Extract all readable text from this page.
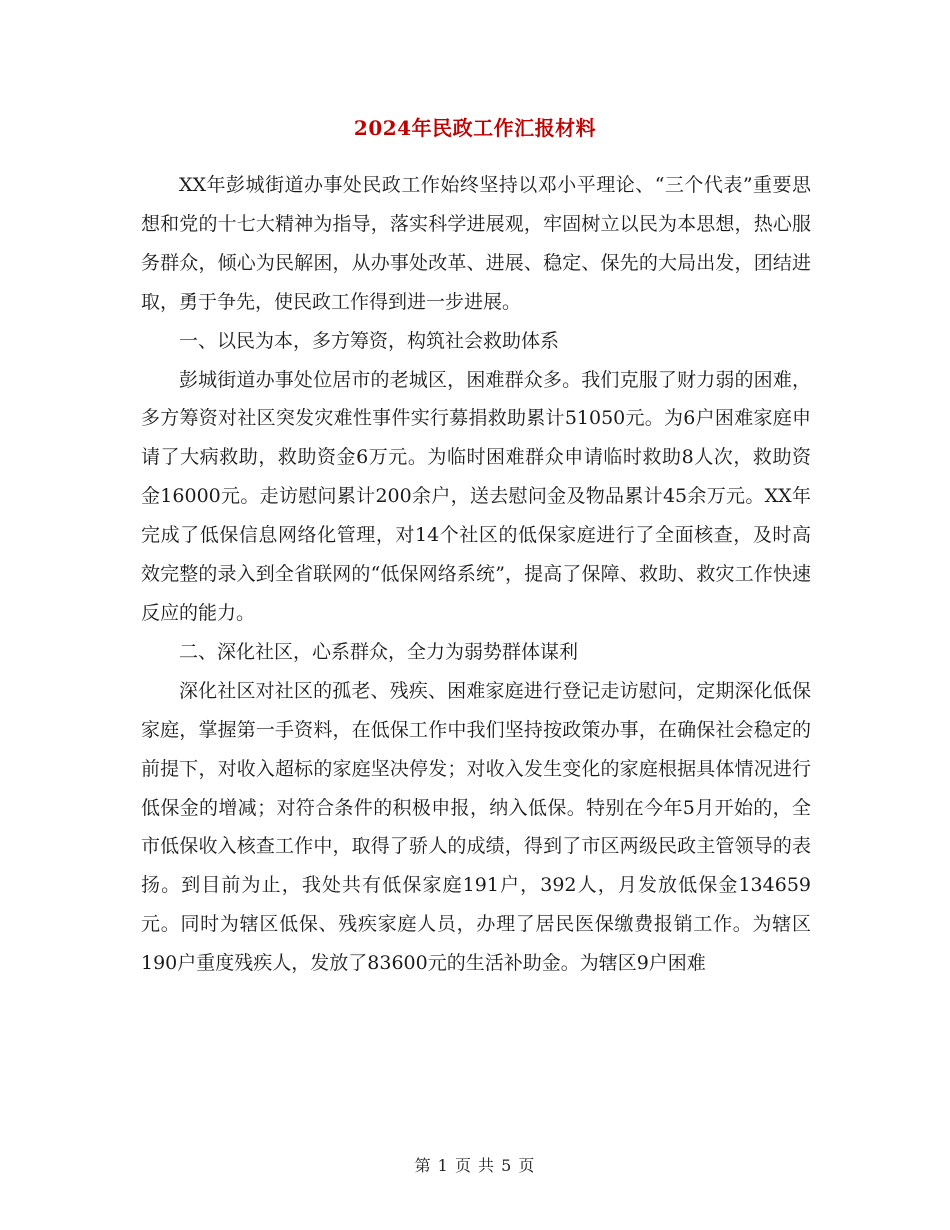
2024年民政工作汇报材料

XX年彭城街道办事处民政工作始终坚持以邓小平理论、“三个代表”重要思想和党的十七大精神为指导，落实科学进展观，牢固树立以民为本思想，热心服务群众，倾心为民解困，从办事处改革、进展、稳定、保先的大局出发，团结进取，勇于争先，使民政工作得到进一步进展。

一、以民为本，多方筹资，构筑社会救助体系

彭城街道办事处位居市的老城区，困难群众多。我们克服了财力弱的困难，多方筹资对社区突发灾难性事件实行募捐救助累计51050元。为6户困难家庭申请了大病救助，救助资金6万元。为临时困难群众申请临时救助8人次，救助资金16000元。走访慰问累计200余户，送去慰问金及物品累计45余万元。XX年完成了低保信息网络化管理，对14个社区的低保家庭进行了全面核查，及时高效完整的录入到全省联网的“低保网络系统”，提高了保障、救助、救灾工作快速反应的能力。

二、深化社区，心系群众，全力为弱势群体谋利

深化社区对社区的孤老、残疾、困难家庭进行登记走访慰问，定期深化低保家庭，掌握第一手资料，在低保工作中我们坚持按政策办事，在确保社会稳定的前提下，对收入超标的家庭坚决停发；对收入发生变化的家庭根据具体情况进行低保金的增减；对符合条件的积极申报，纳入低保。特别在今年5月开始的，全市低保收入核查工作中，取得了骄人的成绩，得到了市区两级民政主管领导的表扬。到目前为止，我处共有低保家庭191户，392人，月发放低保金134659元。同时为辖区低保、残疾家庭人员，办理了居民医保缴费报销工作。为辖区190户重度残疾人，发放了83600元的生活补助金。为辖区9户困难

第 1 页 共 5 页
